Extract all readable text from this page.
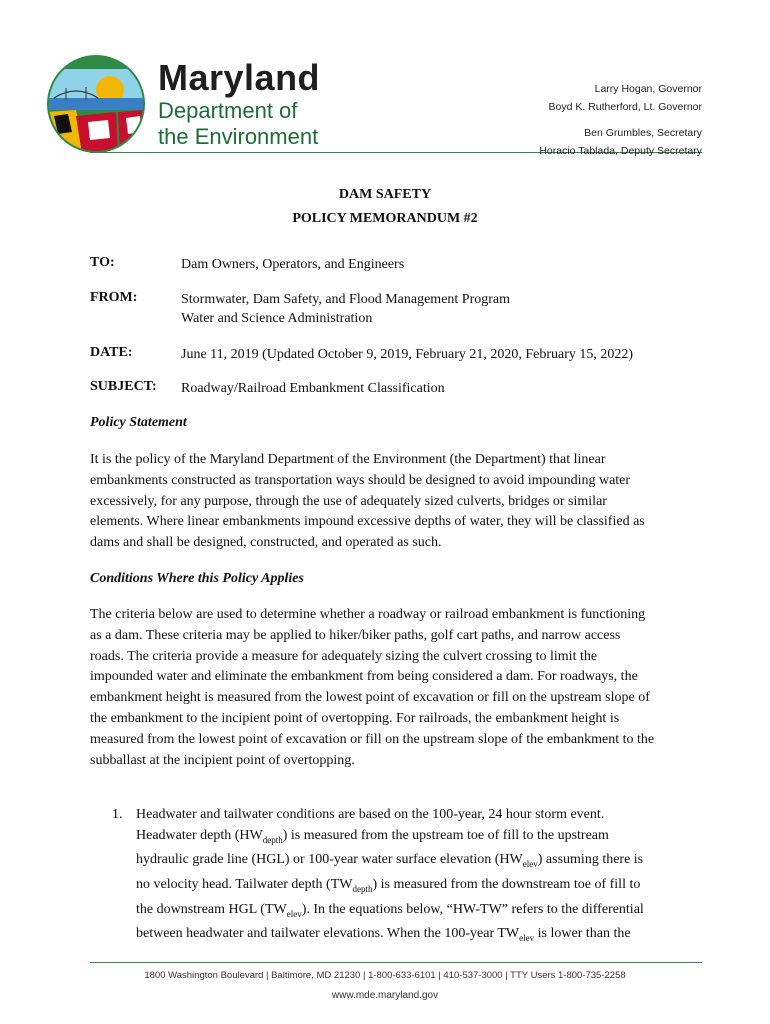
Maryland
Department of
the Environment
Larry Hogan, Governor
Boyd K. Rutherford, Lt. Governor
Ben Grumbles, Secretary
Horacio Tablada, Deputy Secretary
DAM SAFETY
POLICY MEMORANDUM #2
TO:	Dam Owners, Operators, and Engineers
FROM:	Stormwater, Dam Safety, and Flood Management Program
Water and Science Administration
DATE:	June 11, 2019 (Updated October 9, 2019, February 21, 2020, February 15, 2022)
SUBJECT: Roadway/Railroad Embankment Classification
Policy Statement
It is the policy of the Maryland Department of the Environment (the Department) that linear
embankments constructed as transportation ways should be designed to avoid impounding water
excessively, for any purpose, through the use of adequately sized culverts, bridges or similar
elements. Where linear embankments impound excessive depths of water, they will be classified as
dams and shall be designed, constructed, and operated as such.
Conditions Where this Policy Applies
The criteria below are used to determine whether a roadway or railroad embankment is functioning
as a dam. These criteria may be applied to hiker/biker paths, golf cart paths, and narrow access
roads. The criteria provide a measure for adequately sizing the culvert crossing to limit the
impounded water and eliminate the embankment from being considered a dam. For roadways, the
embankment height is measured from the lowest point of excavation or fill on the upstream slope of
the embankment to the incipient point of overtopping. For railroads, the embankment height is
measured from the lowest point of excavation or fill on the upstream slope of the embankment to the
subballast at the incipient point of overtopping.
1. Headwater and tailwater conditions are based on the 100-year, 24 hour storm event.
Headwater depth $(HW_{depth})$ is measured from the upstream toe of fill to the upstream
hydraulic grade line (HGL) or 100-year water surface elevation $(HW_{elev})$ assuming there is
no velocity head. Tailwater depth $(TW_{depth})$ is measured from the downstream toe of fill to
the downstream HGL $(TW_{elev})$. In the equations below, “HW-TW” refers to the differential
between headwater and tailwater elevations. When the 100-year $TW_{elev}$ is lower than the
1800 Washington Boulevard | Baltimore, MD 21230 | 1-800-633-6101 | 410-537-3000 | TTY Users 1-800-735-2258
www.mde.maryland.gov
